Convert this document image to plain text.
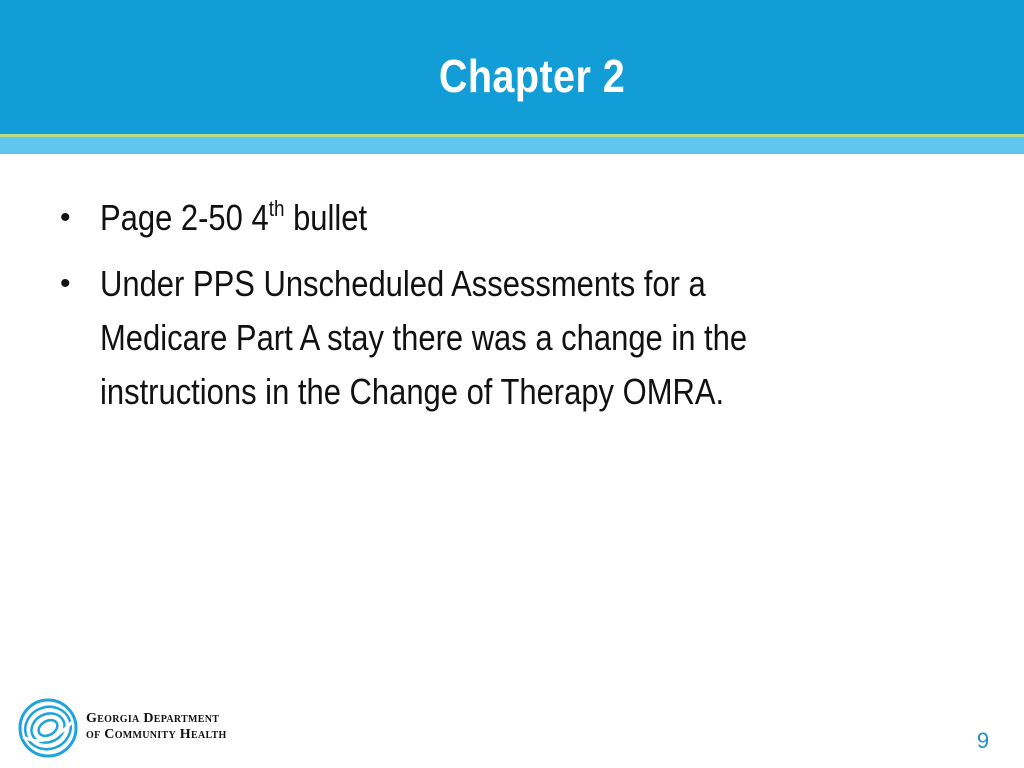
Chapter 2
• Page 2-50 4th bullet
• Under PPS Unscheduled Assessments for a
Medicare Part A stay there was a change in the
instructions in the Change of Therapy OMRA.
Georgia Department
of Community Health	9
